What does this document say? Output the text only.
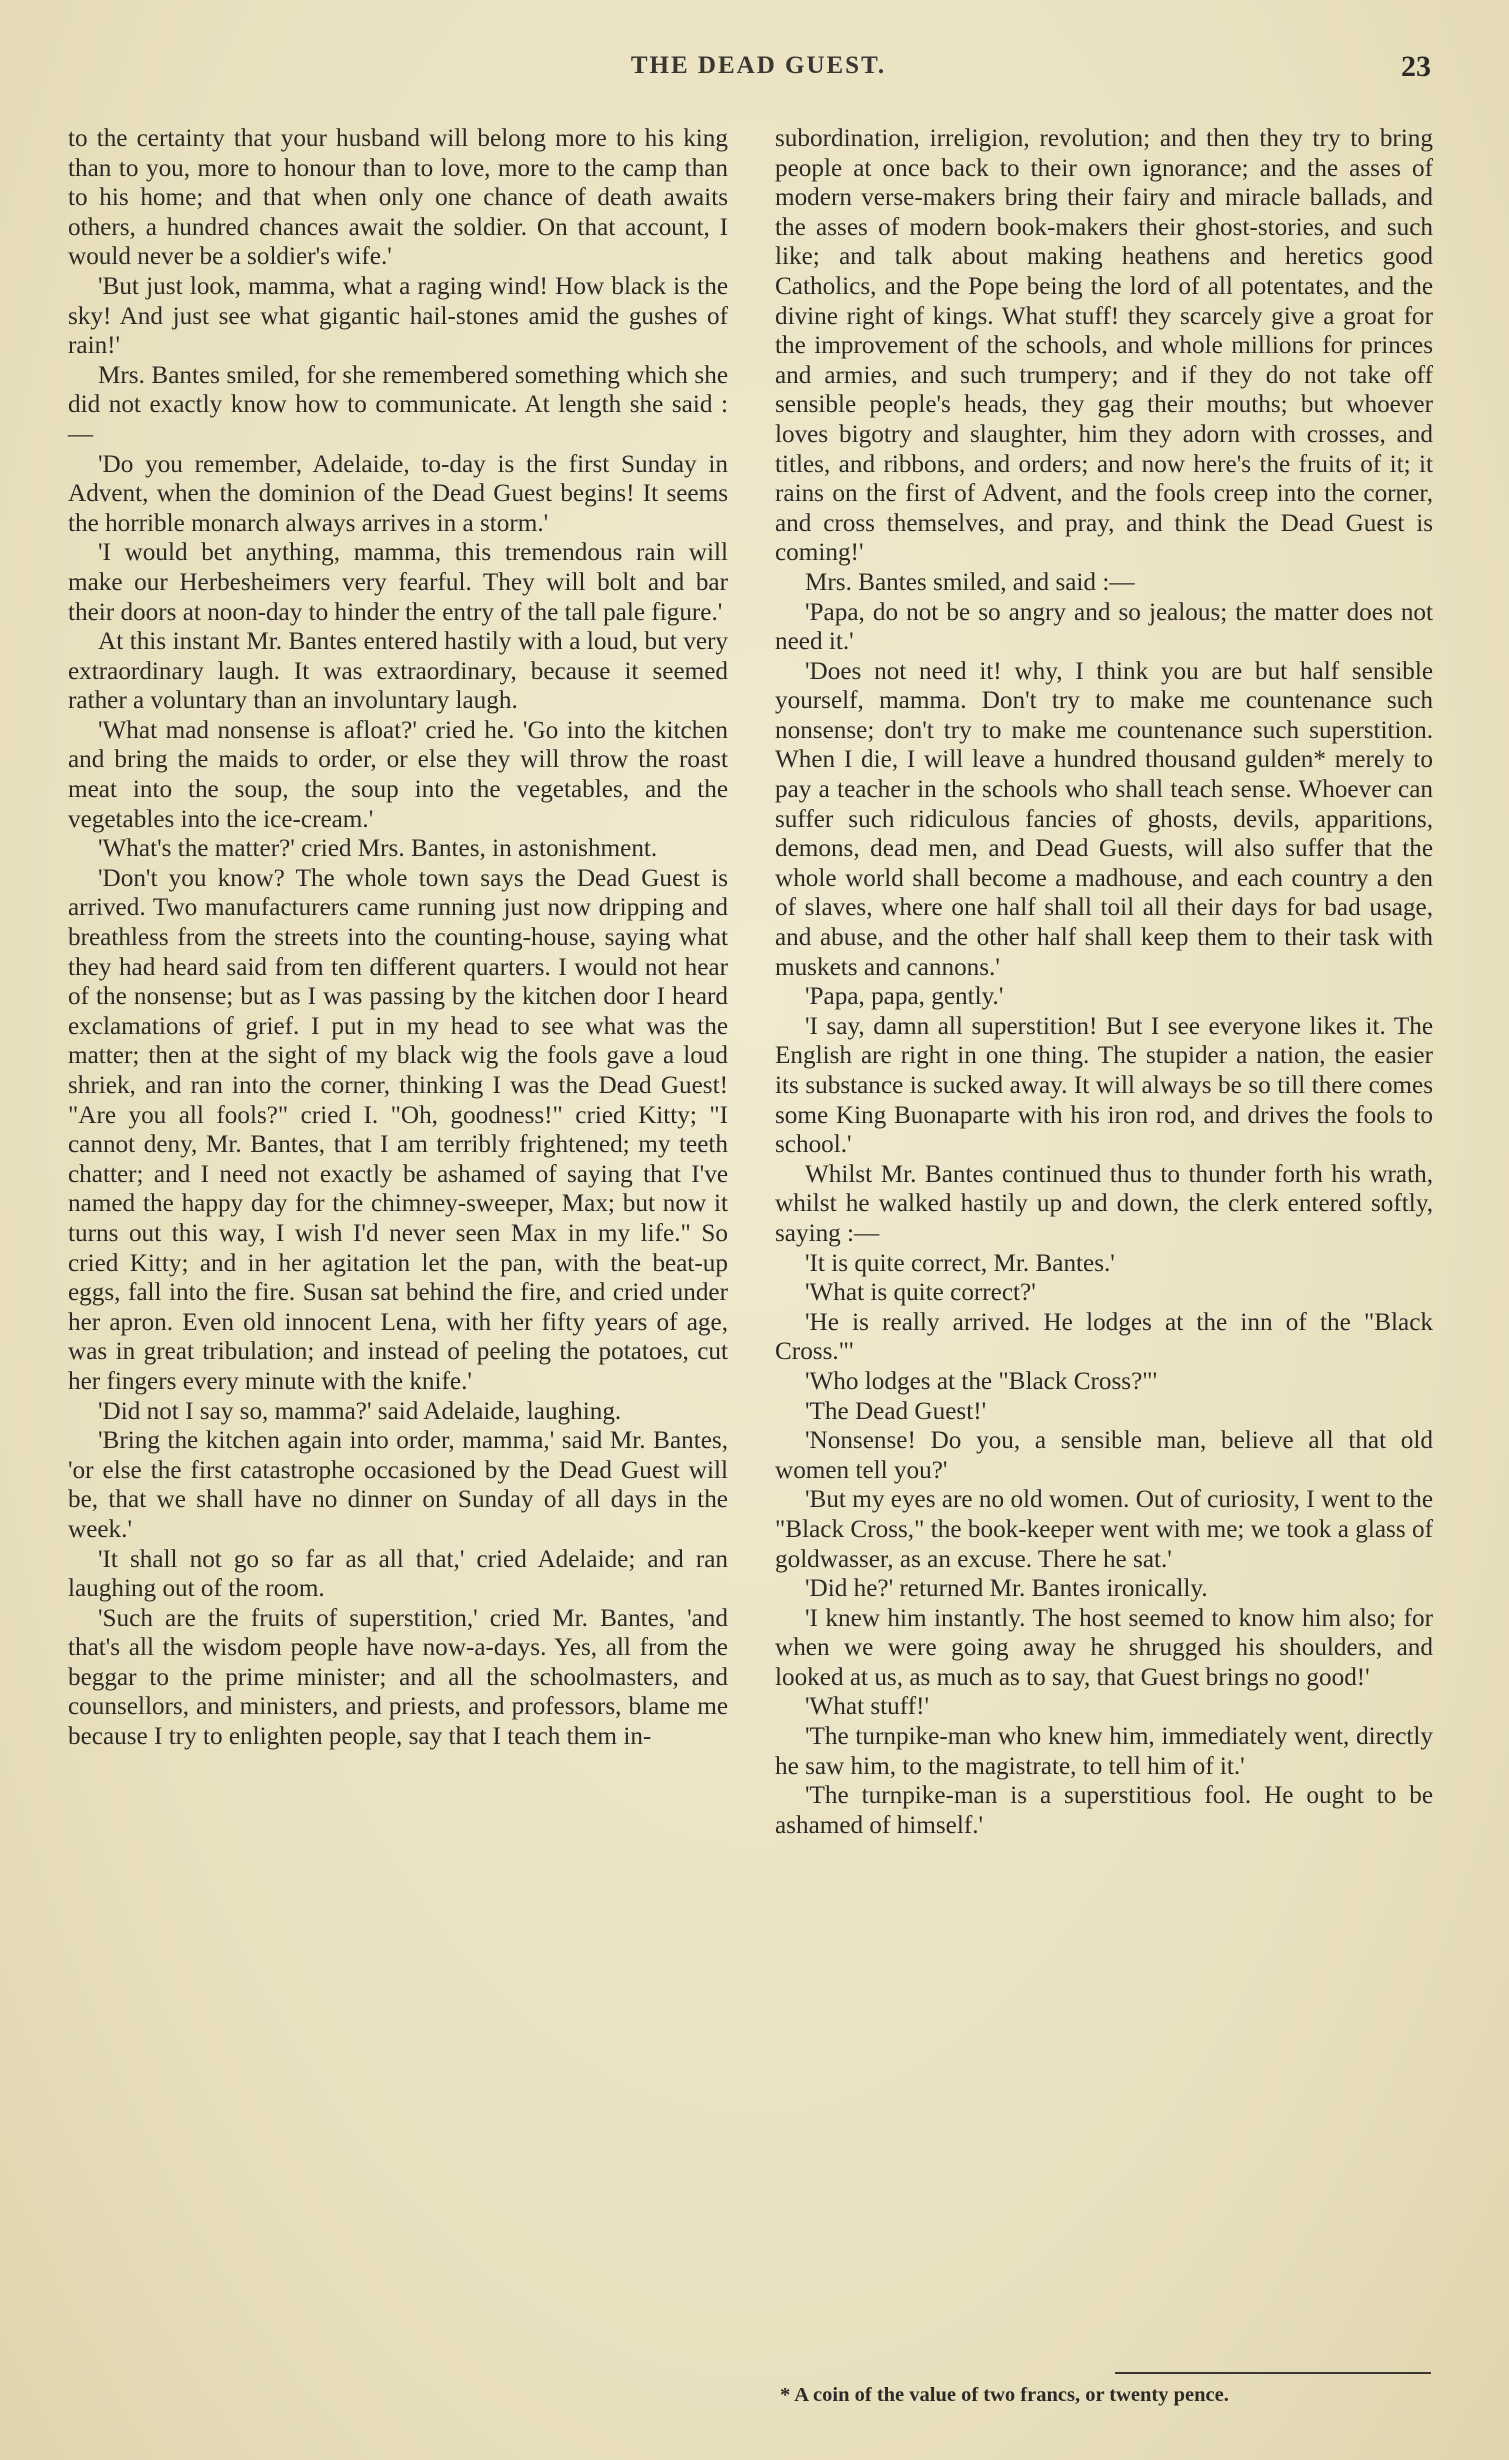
THE DEAD GUEST.	23

to the certainty that your husband will belong more to his king than to you, more to honour than to love, more to the camp than to his home; and that when only one chance of death awaits others, a hundred chances await the soldier. On that account, I would never be a soldier's wife.'

'But just look, mamma, what a raging wind! How black is the sky! And just see what gigantic hail-stones amid the gushes of rain!'

Mrs. Bantes smiled, for she remembered something which she did not exactly know how to communicate. At length she said :—

'Do you remember, Adelaide, to-day is the first Sunday in Advent, when the dominion of the Dead Guest begins! It seems the horrible monarch always arrives in a storm.'

'I would bet anything, mamma, this tremendous rain will make our Herbesheimers very fearful. They will bolt and bar their doors at noon-day to hinder the entry of the tall pale figure.'

At this instant Mr. Bantes entered hastily with a loud, but very extraordinary laugh. It was extraordinary, because it seemed rather a voluntary than an involuntary laugh.

'What mad nonsense is afloat?' cried he. 'Go into the kitchen and bring the maids to order, or else they will throw the roast meat into the soup, the soup into the vegetables, and the vegetables into the ice-cream.'

'What's the matter?' cried Mrs. Bantes, in astonishment.

'Don't you know? The whole town says the Dead Guest is arrived. Two manufacturers came running just now dripping and breathless from the streets into the counting-house, saying what they had heard said from ten different quarters. I would not hear of the nonsense; but as I was passing by the kitchen door I heard exclamations of grief. I put in my head to see what was the matter; then at the sight of my black wig the fools gave a loud shriek, and ran into the corner, thinking I was the Dead Guest! "Are you all fools?" cried I. "Oh, goodness!" cried Kitty; "I cannot deny, Mr. Bantes, that I am terribly frightened; my teeth chatter; and I need not exactly be ashamed of saying that I've named the happy day for the chimney-sweeper, Max; but now it turns out this way, I wish I'd never seen Max in my life." So cried Kitty; and in her agitation let the pan, with the beat-up eggs, fall into the fire. Susan sat behind the fire, and cried under her apron. Even old innocent Lena, with her fifty years of age, was in great tribulation; and instead of peeling the potatoes, cut her fingers every minute with the knife.'

'Did not I say so, mamma?' said Adelaide, laughing.

'Bring the kitchen again into order, mamma,' said Mr. Bantes, 'or else the first catastrophe occasioned by the Dead Guest will be, that we shall have no dinner on Sunday of all days in the week.'

'It shall not go so far as all that,' cried Adelaide; and ran laughing out of the room.

'Such are the fruits of superstition,' cried Mr. Bantes, 'and that's all the wisdom people have now-a-days. Yes, all from the beggar to the prime minister; and all the schoolmasters, and counsellors, and ministers, and priests, and professors, blame me because I try to enlighten people, say that I teach them in-

subordination, irreligion, revolution; and then they try to bring people at once back to their own ignorance; and the asses of modern verse-makers bring their fairy and miracle ballads, and the asses of modern book-makers their ghost-stories, and such like; and talk about making heathens and heretics good Catholics, and the Pope being the lord of all potentates, and the divine right of kings. What stuff! they scarcely give a groat for the improvement of the schools, and whole millions for princes and armies, and such trumpery; and if they do not take off sensible people's heads, they gag their mouths; but whoever loves bigotry and slaughter, him they adorn with crosses, and titles, and ribbons, and orders; and now here's the fruits of it; it rains on the first of Advent, and the fools creep into the corner, and cross themselves, and pray, and think the Dead Guest is coming!'

Mrs. Bantes smiled, and said :—

'Papa, do not be so angry and so jealous; the matter does not need it.'

'Does not need it! why, I think you are but half sensible yourself, mamma. Don't try to make me countenance such nonsense; don't try to make me countenance such superstition. When I die, I will leave a hundred thousand gulden* merely to pay a teacher in the schools who shall teach sense. Whoever can suffer such ridiculous fancies of ghosts, devils, apparitions, demons, dead men, and Dead Guests, will also suffer that the whole world shall become a madhouse, and each country a den of slaves, where one half shall toil all their days for bad usage, and abuse, and the other half shall keep them to their task with muskets and cannons.'

'Papa, papa, gently.'

'I say, damn all superstition! But I see everyone likes it. The English are right in one thing. The stupider a nation, the easier its substance is sucked away. It will always be so till there comes some King Buonaparte with his iron rod, and drives the fools to school.'

Whilst Mr. Bantes continued thus to thunder forth his wrath, whilst he walked hastily up and down, the clerk entered softly, saying :—

'It is quite correct, Mr. Bantes.'

'What is quite correct?'

'He is really arrived. He lodges at the inn of the "Black Cross."'

'Who lodges at the "Black Cross?"'

'The Dead Guest!'

'Nonsense! Do you, a sensible man, believe all that old women tell you?'

'But my eyes are no old women. Out of curiosity, I went to the "Black Cross," the book-keeper went with me; we took a glass of goldwasser, as an excuse. There he sat.'

'Did he?' returned Mr. Bantes ironically.

'I knew him instantly. The host seemed to know him also; for when we were going away he shrugged his shoulders, and looked at us, as much as to say, that Guest brings no good!'

'What stuff!'

'The turnpike-man who knew him, immediately went, directly he saw him, to the magistrate, to tell him of it.'

'The turnpike-man is a superstitious fool. He ought to be ashamed of himself.'

* A coin of the value of two francs, or twenty pence.
